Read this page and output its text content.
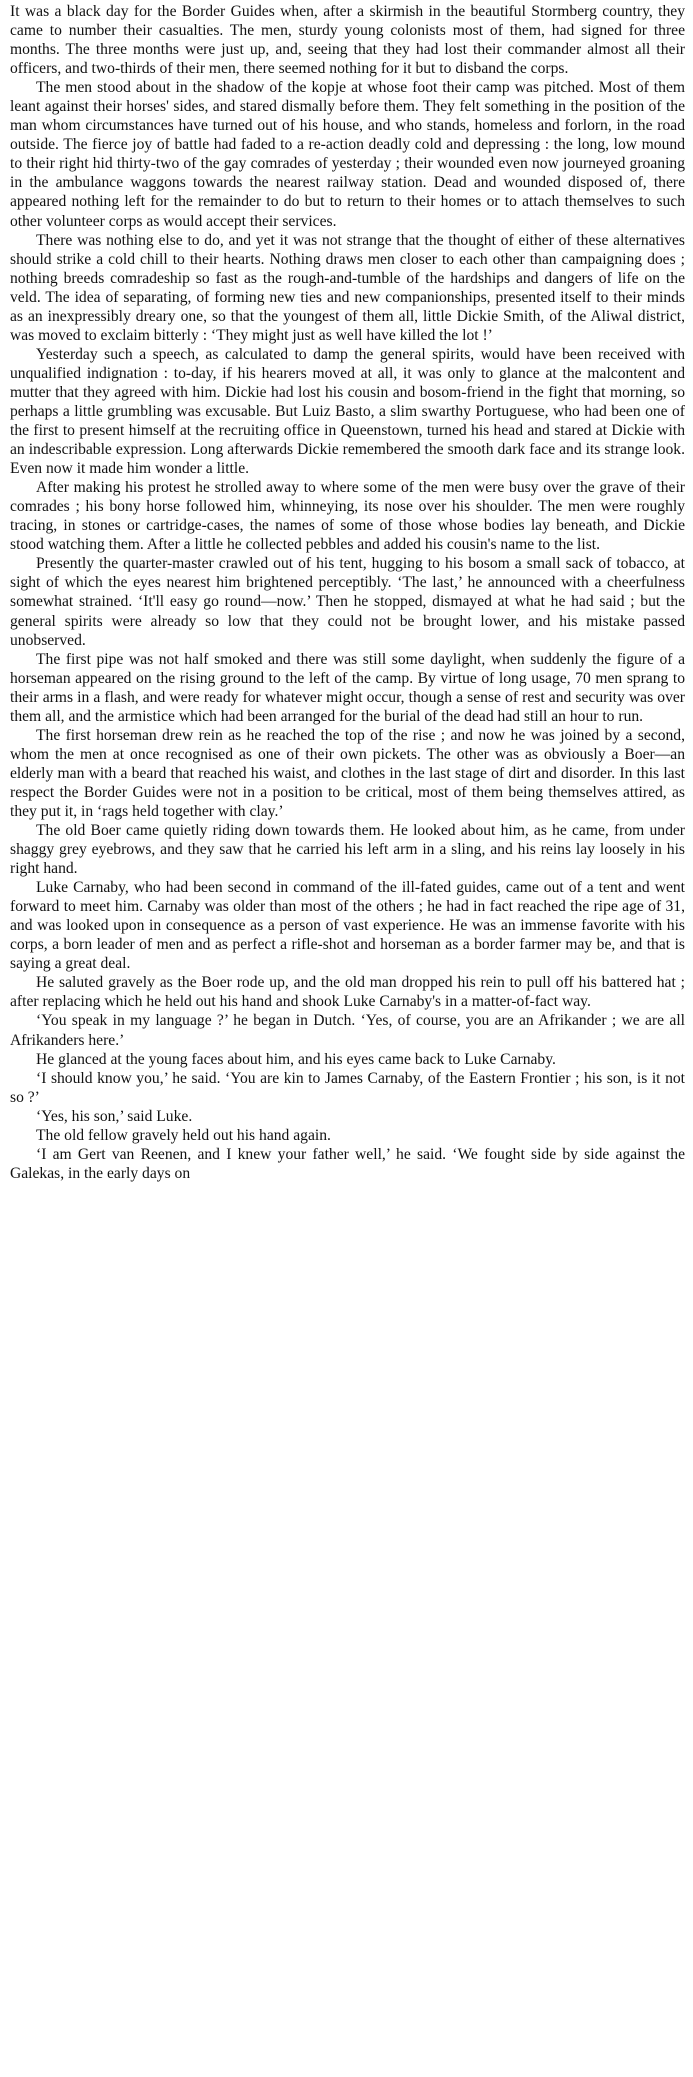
It was a black day for the Border Guides when, after a skirmish in the beautiful Stormberg country, they came to number their casualties. The men, sturdy young colonists most of them, had signed for three months. The three months were just up, and, seeing that they had lost their commander almost all their officers, and two-thirds of their men, there seemed nothing for it but to disband the corps.

The men stood about in the shadow of the kopje at whose foot their camp was pitched. Most of them leant against their horses' sides, and stared dismally before them. They felt something in the position of the man whom circumstances have turned out of his house, and who stands, homeless and forlorn, in the road outside. The fierce joy of battle had faded to a re-action deadly cold and depressing : the long, low mound to their right hid thirty-two of the gay comrades of yesterday ; their wounded even now journeyed groaning in the ambulance waggons towards the nearest railway station. Dead and wounded disposed of, there appeared nothing left for the remainder to do but to return to their homes or to attach themselves to such other volunteer corps as would accept their services.

There was nothing else to do, and yet it was not strange that the thought of either of these alternatives should strike a cold chill to their hearts. Nothing draws men closer to each other than campaigning does ; nothing breeds comradeship so fast as the rough-and-tumble of the hardships and dangers of life on the veld. The idea of separating, of forming new ties and new companionships, presented itself to their minds as an inexpressibly dreary one, so that the youngest of them all, little Dickie Smith, of the Aliwal district, was moved to exclaim bitterly : ‘They might just as well have killed the lot !’

Yesterday such a speech, as calculated to damp the general spirits, would have been received with unqualified indignation : to-day, if his hearers moved at all, it was only to glance at the malcontent and mutter that they agreed with him. Dickie had lost his cousin and bosom-friend in the fight that morning, so perhaps a little grumbling was excusable. But Luiz Basto, a slim swarthy Portuguese, who had been one of the first to present himself at the recruiting office in Queenstown, turned his head and stared at Dickie with an indescribable expression. Long afterwards Dickie remembered the smooth dark face and its strange look. Even now it made him wonder a little.

After making his protest he strolled away to where some of the men were busy over the grave of their comrades ; his bony horse followed him, whinneying, its nose over his shoulder. The men were roughly tracing, in stones or cartridge-cases, the names of some of those whose bodies lay beneath, and Dickie stood watching them. After a little he collected pebbles and added his cousin's name to the list.

Presently the quarter-master crawled out of his tent, hugging to his bosom a small sack of tobacco, at sight of which the eyes nearest him brightened perceptibly. ‘The last,’ he announced with a cheerfulness somewhat strained. ‘It'll easy go round—now.’ Then he stopped, dismayed at what he had said ; but the general spirits were already so low that they could not be brought lower, and his mistake passed unobserved.

The first pipe was not half smoked and there was still some daylight, when suddenly the figure of a horseman appeared on the rising ground to the left of the camp. By virtue of long usage, 70 men sprang to their arms in a flash, and were ready for whatever might occur, though a sense of rest and security was over them all, and the armistice which had been arranged for the burial of the dead had still an hour to run.

The first horseman drew rein as he reached the top of the rise ; and now he was joined by a second, whom the men at once recognised as one of their own pickets. The other was as obviously a Boer—an elderly man with a beard that reached his waist, and clothes in the last stage of dirt and disorder. In this last respect the Border Guides were not in a position to be critical, most of them being themselves attired, as they put it, in ‘rags held together with clay.’

The old Boer came quietly riding down towards them. He looked about him, as he came, from under shaggy grey eyebrows, and they saw that he carried his left arm in a sling, and his reins lay loosely in his right hand.

Luke Carnaby, who had been second in command of the ill-fated guides, came out of a tent and went forward to meet him. Carnaby was older than most of the others ; he had in fact reached the ripe age of 31, and was looked upon in consequence as a person of vast experience. He was an immense favorite with his corps, a born leader of men and as perfect a rifle-shot and horseman as a border farmer may be, and that is saying a great deal.

He saluted gravely as the Boer rode up, and the old man dropped his rein to pull off his battered hat ; after replacing which he held out his hand and shook Luke Carnaby's in a matter-of-fact way.

‘You speak in my language ?’ he began in Dutch. ‘Yes, of course, you are an Afrikander ; we are all Afrikanders here.’

He glanced at the young faces about him, and his eyes came back to Luke Carnaby.

‘I should know you,’ he said. ‘You are kin to James Carnaby, of the Eastern Frontier ; his son, is it not so ?’

‘Yes, his son,’ said Luke.

The old fellow gravely held out his hand again.

‘I am Gert van Reenen, and I knew your father well,’ he said. ‘We fought side by side against the Galekas, in the early days on
